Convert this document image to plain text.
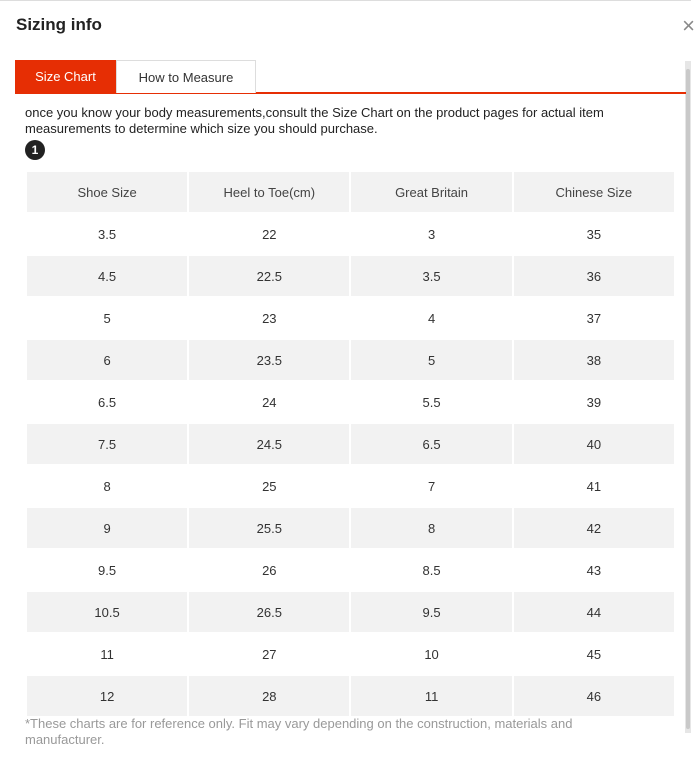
Sizing info	×
Size Chart	How to Measure
once you know your body measurements,consult the Size Chart on the product pages for actual item measurements to determine which size you should purchase.
1
Shoe Size	Heel to Toe(cm)	Great Britain	Chinese Size
3.5	22	3	35
4.5	22.5	3.5	36
5	23	4	37
6	23.5	5	38
6.5	24	5.5	39
7.5	24.5	6.5	40
8	25	7	41
9	25.5	8	42
9.5	26	8.5	43
10.5	26.5	9.5	44
11	27	10	45
12	28	11	46
*These charts are for reference only. Fit may vary depending on the construction, materials and manufacturer.
